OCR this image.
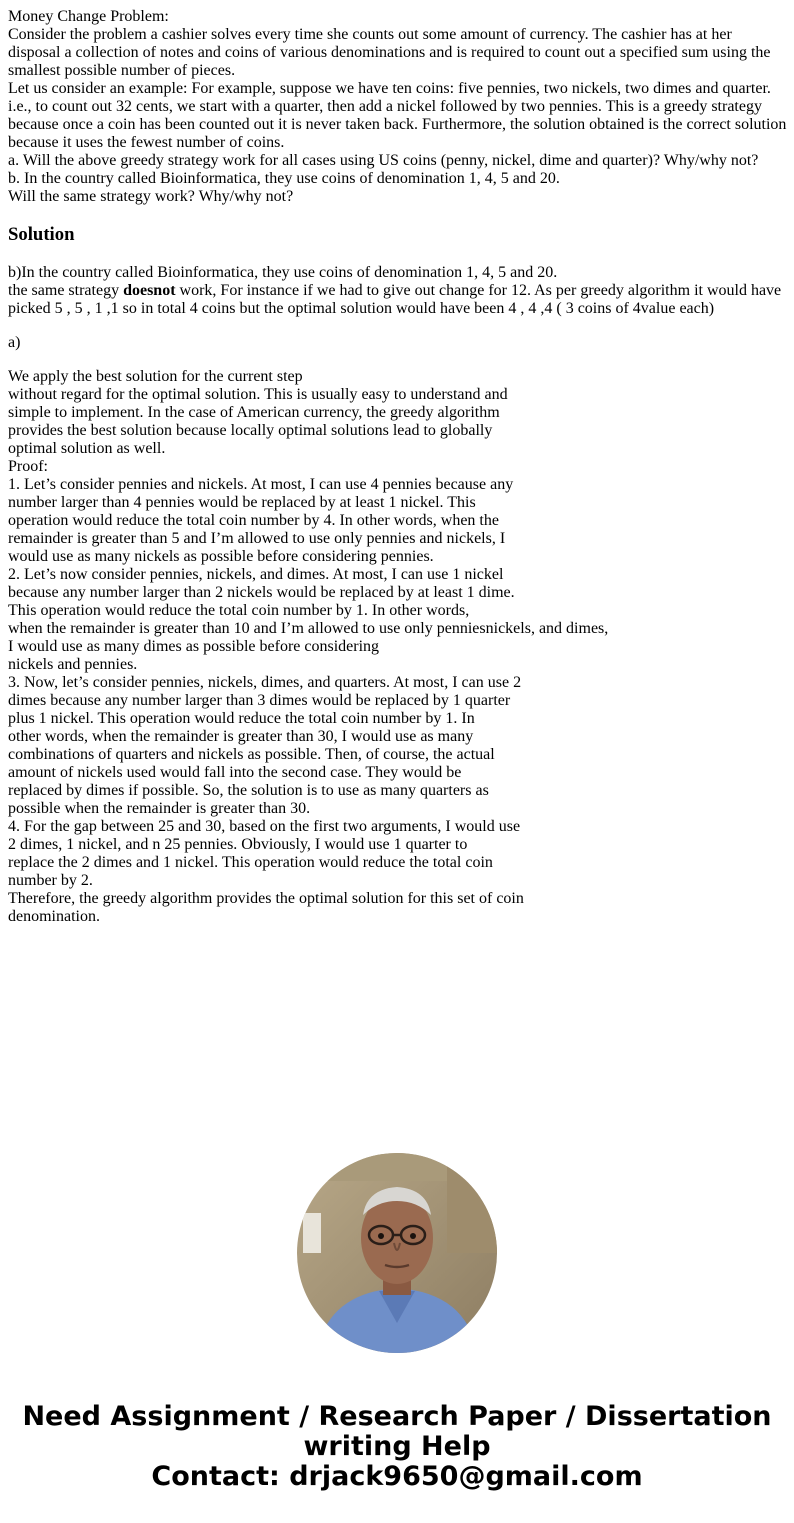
Money Change Problem:
Consider the problem a cashier solves every time she counts out some amount of currency. The cashier has at her disposal a collection of notes and coins of various denominations and is required to count out a specified sum using the smallest possible number of pieces.
Let us consider an example: For example, suppose we have ten coins: five pennies, two nickels, two dimes and quarter. i.e., to count out 32 cents, we start with a quarter, then add a nickel followed by two pennies. This is a greedy strategy because once a coin has been counted out it is never taken back. Furthermore, the solution obtained is the correct solution because it uses the fewest number of coins.
a. Will the above greedy strategy work for all cases using US coins (penny, nickel, dime and quarter)? Why/why not?
b. In the country called Bioinformatica, they use coins of denomination 1, 4, 5 and 20.
Will the same strategy work? Why/why not?
Solution
b)In the country called Bioinformatica, they use coins of denomination 1, 4, 5 and 20.
the same strategy doesnot work, For instance if we had to give out change for 12. As per greedy algorithm it would have picked 5 , 5 , 1 ,1 so in total 4 coins but the optimal solution would have been 4 , 4 ,4 ( 3 coins of 4value each)
a)
We apply the best solution for the current step
without regard for the optimal solution. This is usually easy to understand and
simple to implement. In the case of American currency, the greedy algorithm
provides the best solution because locally optimal solutions lead to globally
optimal solution as well.
Proof:
1. Let’s consider pennies and nickels. At most, I can use 4 pennies because any
number larger than 4 pennies would be replaced by at least 1 nickel. This
operation would reduce the total coin number by 4. In other words, when the
remainder is greater than 5 and I’m allowed to use only pennies and nickels, I
would use as many nickels as possible before considering pennies.
2. Let’s now consider pennies, nickels, and dimes. At most, I can use 1 nickel
because any number larger than 2 nickels would be replaced by at least 1 dime.
This operation would reduce the total coin number by 1. In other words,
when the remainder is greater than 10 and I’m allowed to use only penniesnickels, and dimes,
I would use as many dimes as possible before considering
nickels and pennies.
3. Now, let’s consider pennies, nickels, dimes, and quarters. At most, I can use 2
dimes because any number larger than 3 dimes would be replaced by 1 quarter
plus 1 nickel. This operation would reduce the total coin number by 1. In
other words, when the remainder is greater than 30, I would use as many
combinations of quarters and nickels as possible. Then, of course, the actual
amount of nickels used would fall into the second case. They would be
replaced by dimes if possible. So, the solution is to use as many quarters as
possible when the remainder is greater than 30.
4. For the gap between 25 and 30, based on the first two arguments, I would use
2 dimes, 1 nickel, and n 25 pennies. Obviously, I would use 1 quarter to
replace the 2 dimes and 1 nickel. This operation would reduce the total coin
number by 2.
Therefore, the greedy algorithm provides the optimal solution for this set of coin
denomination.
Need Assignment / Research Paper / Dissertation
writing Help
Contact: drjack9650@gmail.com
